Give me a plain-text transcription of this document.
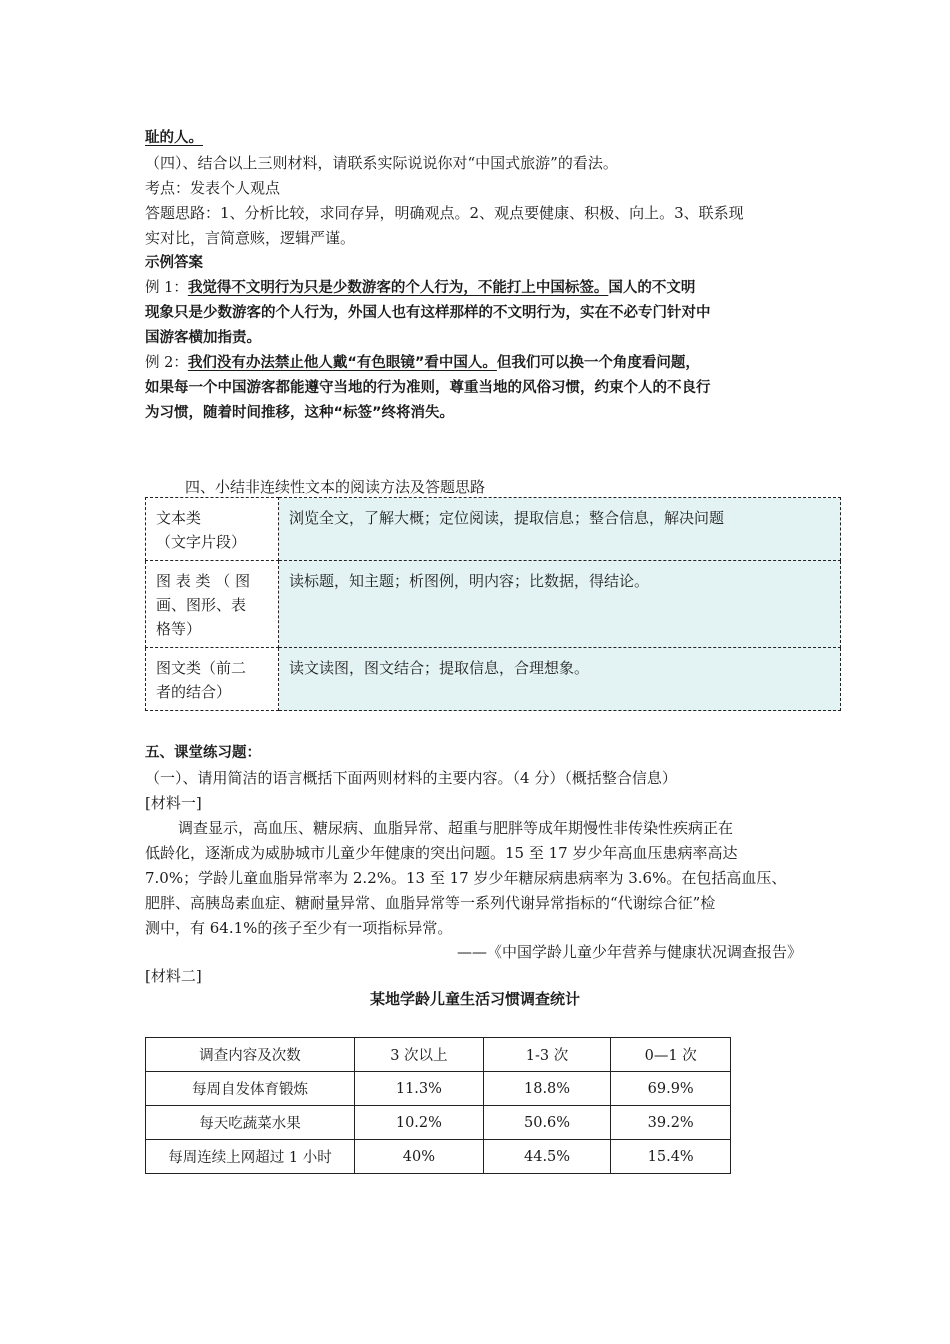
耻的人。
（四）、结合以上三则材料，请联系实际说说你对“中国式旅游”的看法。
考点：发表个人观点
答题思路：1、分析比较，求同存异，明确观点。2、观点要健康、积极、向上。3、联系现
实对比，言简意赅，逻辑严谨。
示例答案
例 1：我觉得不文明行为只是少数游客的个人行为，不能打上中国标签。国人的不文明
现象只是少数游客的个人行为，外国人也有这样那样的不文明行为，实在不必专门针对中
国游客横加指责。
例 2：我们没有办法禁止他人戴“有色眼镜”看中国人。但我们可以换一个角度看问题，
如果每一个中国游客都能遵守当地的行为准则，尊重当地的风俗习惯，约束个人的不良行
为习惯，随着时间推移，这种“标签”终将消失。
四、小结非连续性文本的阅读方法及答题思路
文本类
（文字片段）	浏览全文，了解大概；定位阅读，提取信息；整合信息，解决问题

图 表 类 （ 图
画、图形、表
格等）	读标题，知主题；析图例，明内容；比数据，得结论。

图文类（前二
者的结合）	读文读图，图文结合；提取信息，合理想象。
五、课堂练习题：
（一）、请用简洁的语言概括下面两则材料的主要内容。（4 分）（概括整合信息）
[材料一]
调查显示，高血压、糖尿病、血脂异常、超重与肥胖等成年期慢性非传染性疾病正在
低龄化，逐渐成为威胁城市儿童少年健康的突出问题。15 至 17 岁少年高血压患病率高达
7.0%；学龄儿童血脂异常率为 2.2%。13 至 17 岁少年糖尿病患病率为 3.6%。在包括高血压、
肥胖、高胰岛素血症、糖耐量异常、血脂异常等一系列代谢异常指标的“代谢综合征”检
测中，有 64.1%的孩子至少有一项指标异常。
——《中国学龄儿童少年营养与健康状况调查报告》
[材料二]
某地学龄儿童生活习惯调查统计
调查内容及次数	3 次以上	1-3 次	0—1 次
每周自发体育锻炼	11.3%	18.8%	69.9%
每天吃蔬菜水果	10.2%	50.6%	39.2%
每周连续上网超过 1 小时	40%	44.5%	15.4%
